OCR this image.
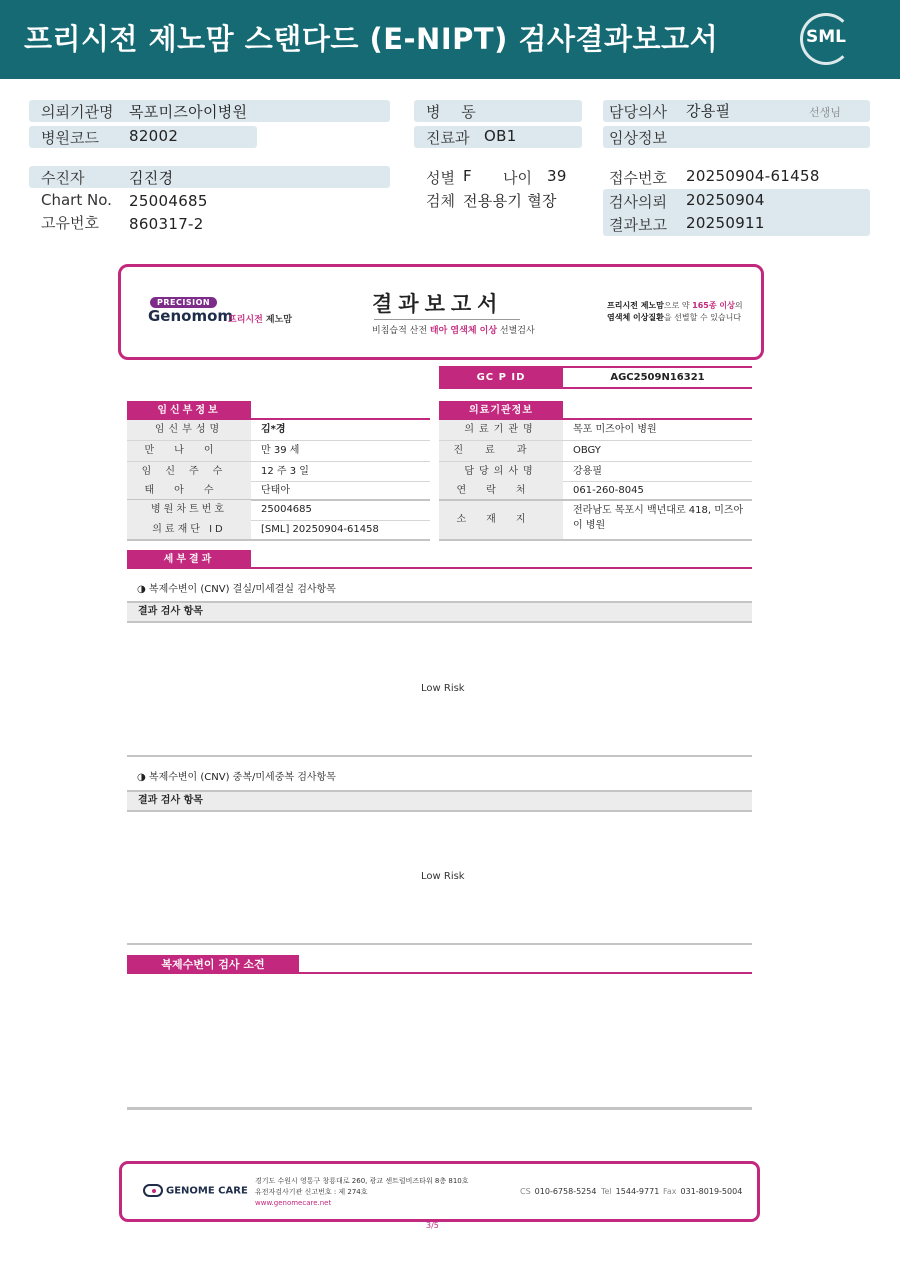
프리시전 제노맘 스탠다드 (E-NIPT) 검사결과보고서	SML
의뢰기관명 목포미즈아이병원
병원코드 82002
병 동
진료과 OB1
담당의사 강용필	선생님
임상정보
수진자	김진경
Chart No. 25004685
고유번호 860317-2
성별 F 나이 39
검체 전용용기 혈장
접수번호 20250904-61458
검사의뢰 20250904
결과보고 20250911
PRECISION
Genomom
프리시전 제노맘
결과보고서
비침습적 산전 태아 염색체 이상 선별검사
프리시전 제노맘으로 약 165종 이상의
염색체 이상질환을 선별할 수 있습니다
GC P ID	AGC2509N16321
임신부정보
임신부성명	김*경
만나이	만 39 세
임신주수	12 주 3 일
태아수	단태아
병원차트번호	25004685
의료재단 ID	[SML] 20250904-61458
의료기관정보
의료기관명	목포 미즈아이 병원
진료과	OBGY
담당의사명	강용필
연락처	061-260-8045
소재지
전라남도 목포시 백년대로 418, 미즈아
이 병원
세부결과
◑ 복제수변이 (CNV) 결실/미세결실 검사항목
결과 검사 항목
Low Risk
◑ 복제수변이 (CNV) 중복/미세중복 검사항목
결과 검사 항목
Low Risk
복제수변이 검사 소견
GENOME CARE
경기도 수원시 영통구 창룡대로 260, 광교 센트럴비즈타워 8층 810호
유전자검사기관 신고번호 : 제 274호
www.genomecare.net
CS 010-6758-5254 Tel 1544-9771 Fax 031-8019-5004
3/5
